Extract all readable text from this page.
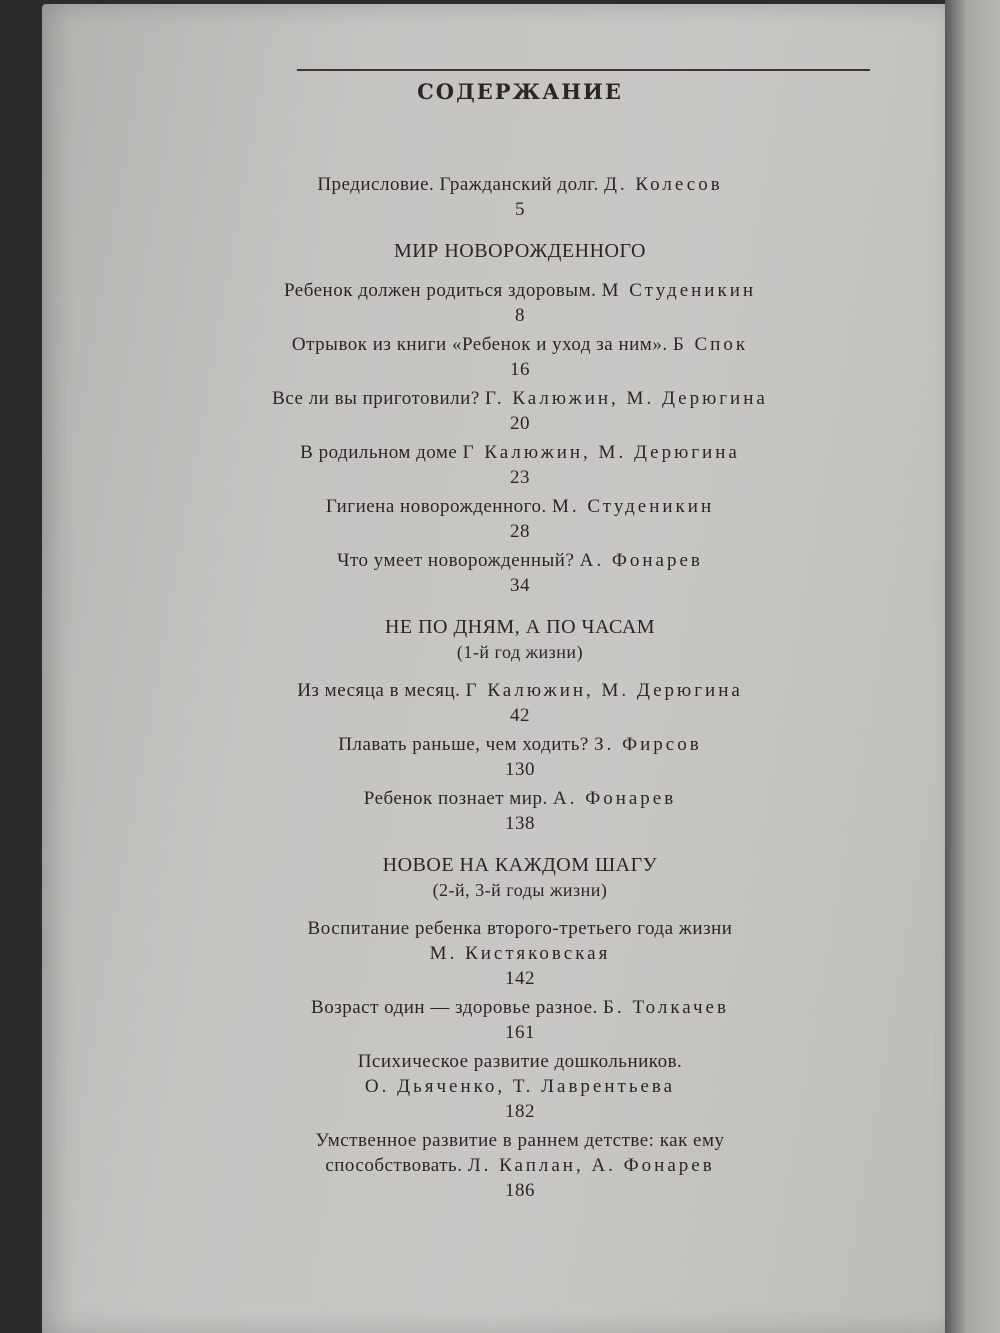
СОДЕРЖАНИЕ
Предисловие. Гражданский долг. Д. Колесов
5
МИР НОВОРОЖДЕННОГО
Ребенок должен родиться здоровым. М Студеникин
8
Отрывок из книги «Ребенок и уход за ним». Б Спок
16
Все ли вы приготовили? Г. Калюжин, М. Дерюгина
20
В родильном доме Г Калюжин, М. Дерюгина
23
Гигиена новорожденного. М. Студеникин
28
Что умеет новорожденный? А. Фонарев
34
НЕ ПО ДНЯМ, А ПО ЧАСАМ
(1-й год жизни)
Из месяца в месяц. Г Калюжин, М. Дерюгина
42
Плавать раньше, чем ходить? З. Фирсов
130
Ребенок познает мир. А. Фонарев
138
НОВОЕ НА КАЖДОМ ШАГУ
(2-й, 3-й годы жизни)
Воспитание ребенка второго-третьего года жизни
М. Кистяковская
142
Возраст один — здоровье разное. Б. Толкачев
161
Психическое развитие дошкольников.
О. Дьяченко, Т. Лаврентьева
182
Умственное развитие в раннем детстве: как ему
способствовать. Л. Каплан, А. Фонарев
186
